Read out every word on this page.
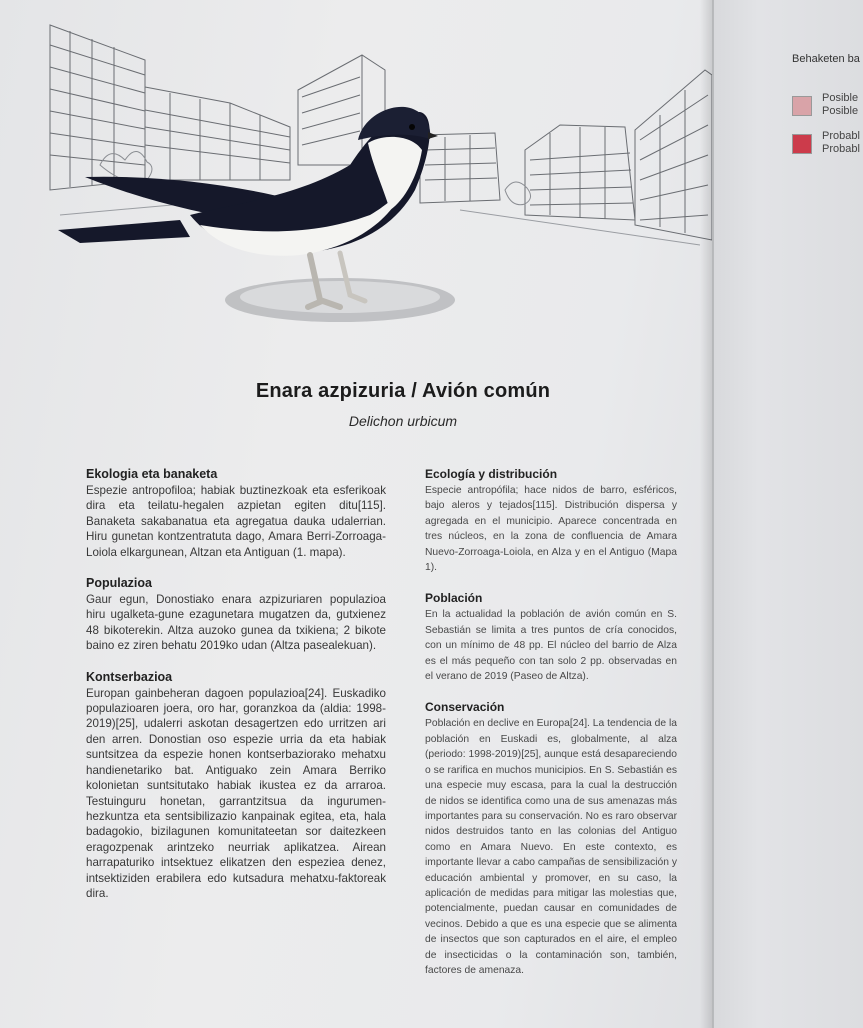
Enara azpizuria / Avión común
Delichon urbicum
Ekologia eta banaketa

Espezie antropofiloa; habiak buztinezkoak eta esferikoak dira eta teilatu-hegalen azpietan egiten ditu[115]. Banaketa sakabanatua eta agregatua dauka udalerrian. Hiru gunetan kontzentratuta dago, Amara Berri-Zorroaga-Loiola elkargunean, Altzan eta Antiguan (1. mapa).

Populazioa

Gaur egun, Donostiako enara azpizuriaren populazioa hiru ugalketa-gune ezagunetara mugatzen da, gutxienez 48 bikoterekin. Altza auzoko gunea da txikiena; 2 bikote baino ez ziren behatu 2019ko udan (Altza pasealekuan).

Kontserbazioa

Europan gainbeheran dagoen populazioa[24]. Euskadiko populazioaren joera, oro har, goranzkoa da (aldia: 1998-2019)[25], udalerri askotan desagertzen edo urritzen ari den arren. Donostian oso espezie urria da eta habiak suntsitzea da espezie honen kontserbaziorako mehatxu handienetariko bat. Antiguako zein Amara Berriko kolonietan suntsitutako habiak ikustea ez da arraroa. Testuinguru honetan, garrantzitsua da ingurumen-hezkuntza eta sentsibilizazio kanpainak egitea, eta, hala badagokio, bizilagunen komunitateetan sor daitezkeen eragozpenak arintzeko neurriak aplikatzea. Airean harrapaturiko intsektuez elikatzen den espeziea denez, intsektiziden erabilera edo kutsadura mehatxu-faktoreak dira.

Ecología y distribución

Especie antropófila; hace nidos de barro, esféricos, bajo aleros y tejados[115]. Distribución dispersa y agregada en el municipio. Aparece concentrada en tres núcleos, en la zona de confluencia de Amara Nuevo-Zorroaga-Loiola, en Alza y en el Antiguo (Mapa 1).

Población

En la actualidad la población de avión común en S. Sebastián se limita a tres puntos de cría conocidos, con un mínimo de 48 pp. El núcleo del barrio de Alza es el más pequeño con tan solo 2 pp. observadas en el verano de 2019 (Paseo de Altza).

Conservación

Población en declive en Europa[24]. La tendencia de la población en Euskadi es, globalmente, al alza (periodo: 1998-2019)[25], aunque está desapareciendo o se rarifica en muchos municipios. En S. Sebastián es una especie muy escasa, para la cual la destrucción de nidos se identifica como una de sus amenazas más importantes para su conservación. No es raro observar nidos destruidos tanto en las colonias del Antiguo como en Amara Nuevo. En este contexto, es importante llevar a cabo campañas de sensibilización y educación ambiental y promover, en su caso, la aplicación de medidas para mitigar las molestias que, potencialmente, puedan causar en comunidades de vecinos. Debido a que es una especie que se alimenta de insectos que son capturados en el aire, el empleo de insecticidas o la contaminación son, también, factores de amenaza.

Behaketen ba
Posible
Posible
Probabl
Probabl
